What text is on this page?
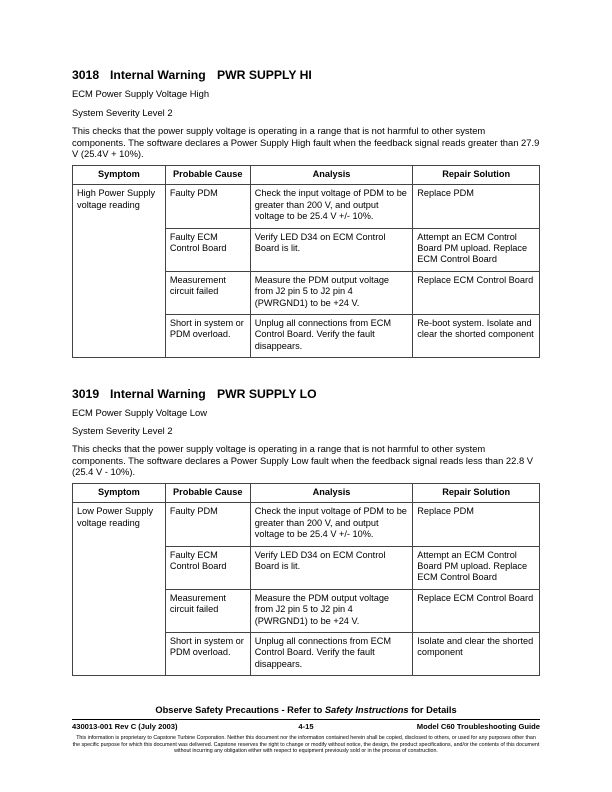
3018 Internal Warning PWR SUPPLY HI
ECM Power Supply Voltage High
System Severity Level 2
This checks that the power supply voltage is operating in a range that is not harmful to other system components. The software declares a Power Supply High fault when the feedback signal reads greater than 27.9 V (25.4V + 10%).
Symptom	Probable Cause	Analysis	Repair Solution
High Power Supply voltage reading	Faulty PDM	Check the input voltage of PDM to be greater than 200 V, and output voltage to be 25.4 V +/- 10%.	Replace PDM
	Faulty ECM Control Board	Verify LED D34 on ECM Control Board is lit.	Attempt an ECM Control Board PM upload. Replace ECM Control Board
	Measurement circuit failed	Measure the PDM output voltage from J2 pin 5 to J2 pin 4 (PWRGND1) to be +24 V.	Replace ECM Control Board
	Short in system or PDM overload.	Unplug all connections from ECM Control Board. Verify the fault disappears.	Re-boot system. Isolate and clear the shorted component
3019 Internal Warning PWR SUPPLY LO
ECM Power Supply Voltage Low
System Severity Level 2
This checks that the power supply voltage is operating in a range that is not harmful to other system components. The software declares a Power Supply Low fault when the feedback signal reads less than 22.8 V (25.4 V - 10%).
Symptom	Probable Cause	Analysis	Repair Solution
Low Power Supply voltage reading	Faulty PDM	Check the input voltage of PDM to be greater than 200 V, and output voltage to be 25.4 V +/- 10%.	Replace PDM
	Faulty ECM Control Board	Verify LED D34 on ECM Control Board is lit.	Attempt an ECM Control Board PM upload. Replace ECM Control Board
	Measurement circuit failed	Measure the PDM output voltage from J2 pin 5 to J2 pin 4 (PWRGND1) to be +24 V.	Replace ECM Control Board
	Short in system or PDM overload.	Unplug all connections from ECM Control Board. Verify the fault disappears.	Isolate and clear the shorted component
Observe Safety Precautions - Refer to Safety Instructions for Details
430013-001 Rev C (July 2003)	4-15	Model C60 Troubleshooting Guide
This information is proprietary to Capstone Turbine Corporation. Neither this document nor the information contained herein shall be copied, disclosed to others, or used for any purposes other than the specific purpose for which this document was delivered. Capstone reserves the right to change or modify without notice, the design, the product specifications, and/or the contents of this document without incurring any obligation either with respect to equipment previously sold or in the process of construction.
